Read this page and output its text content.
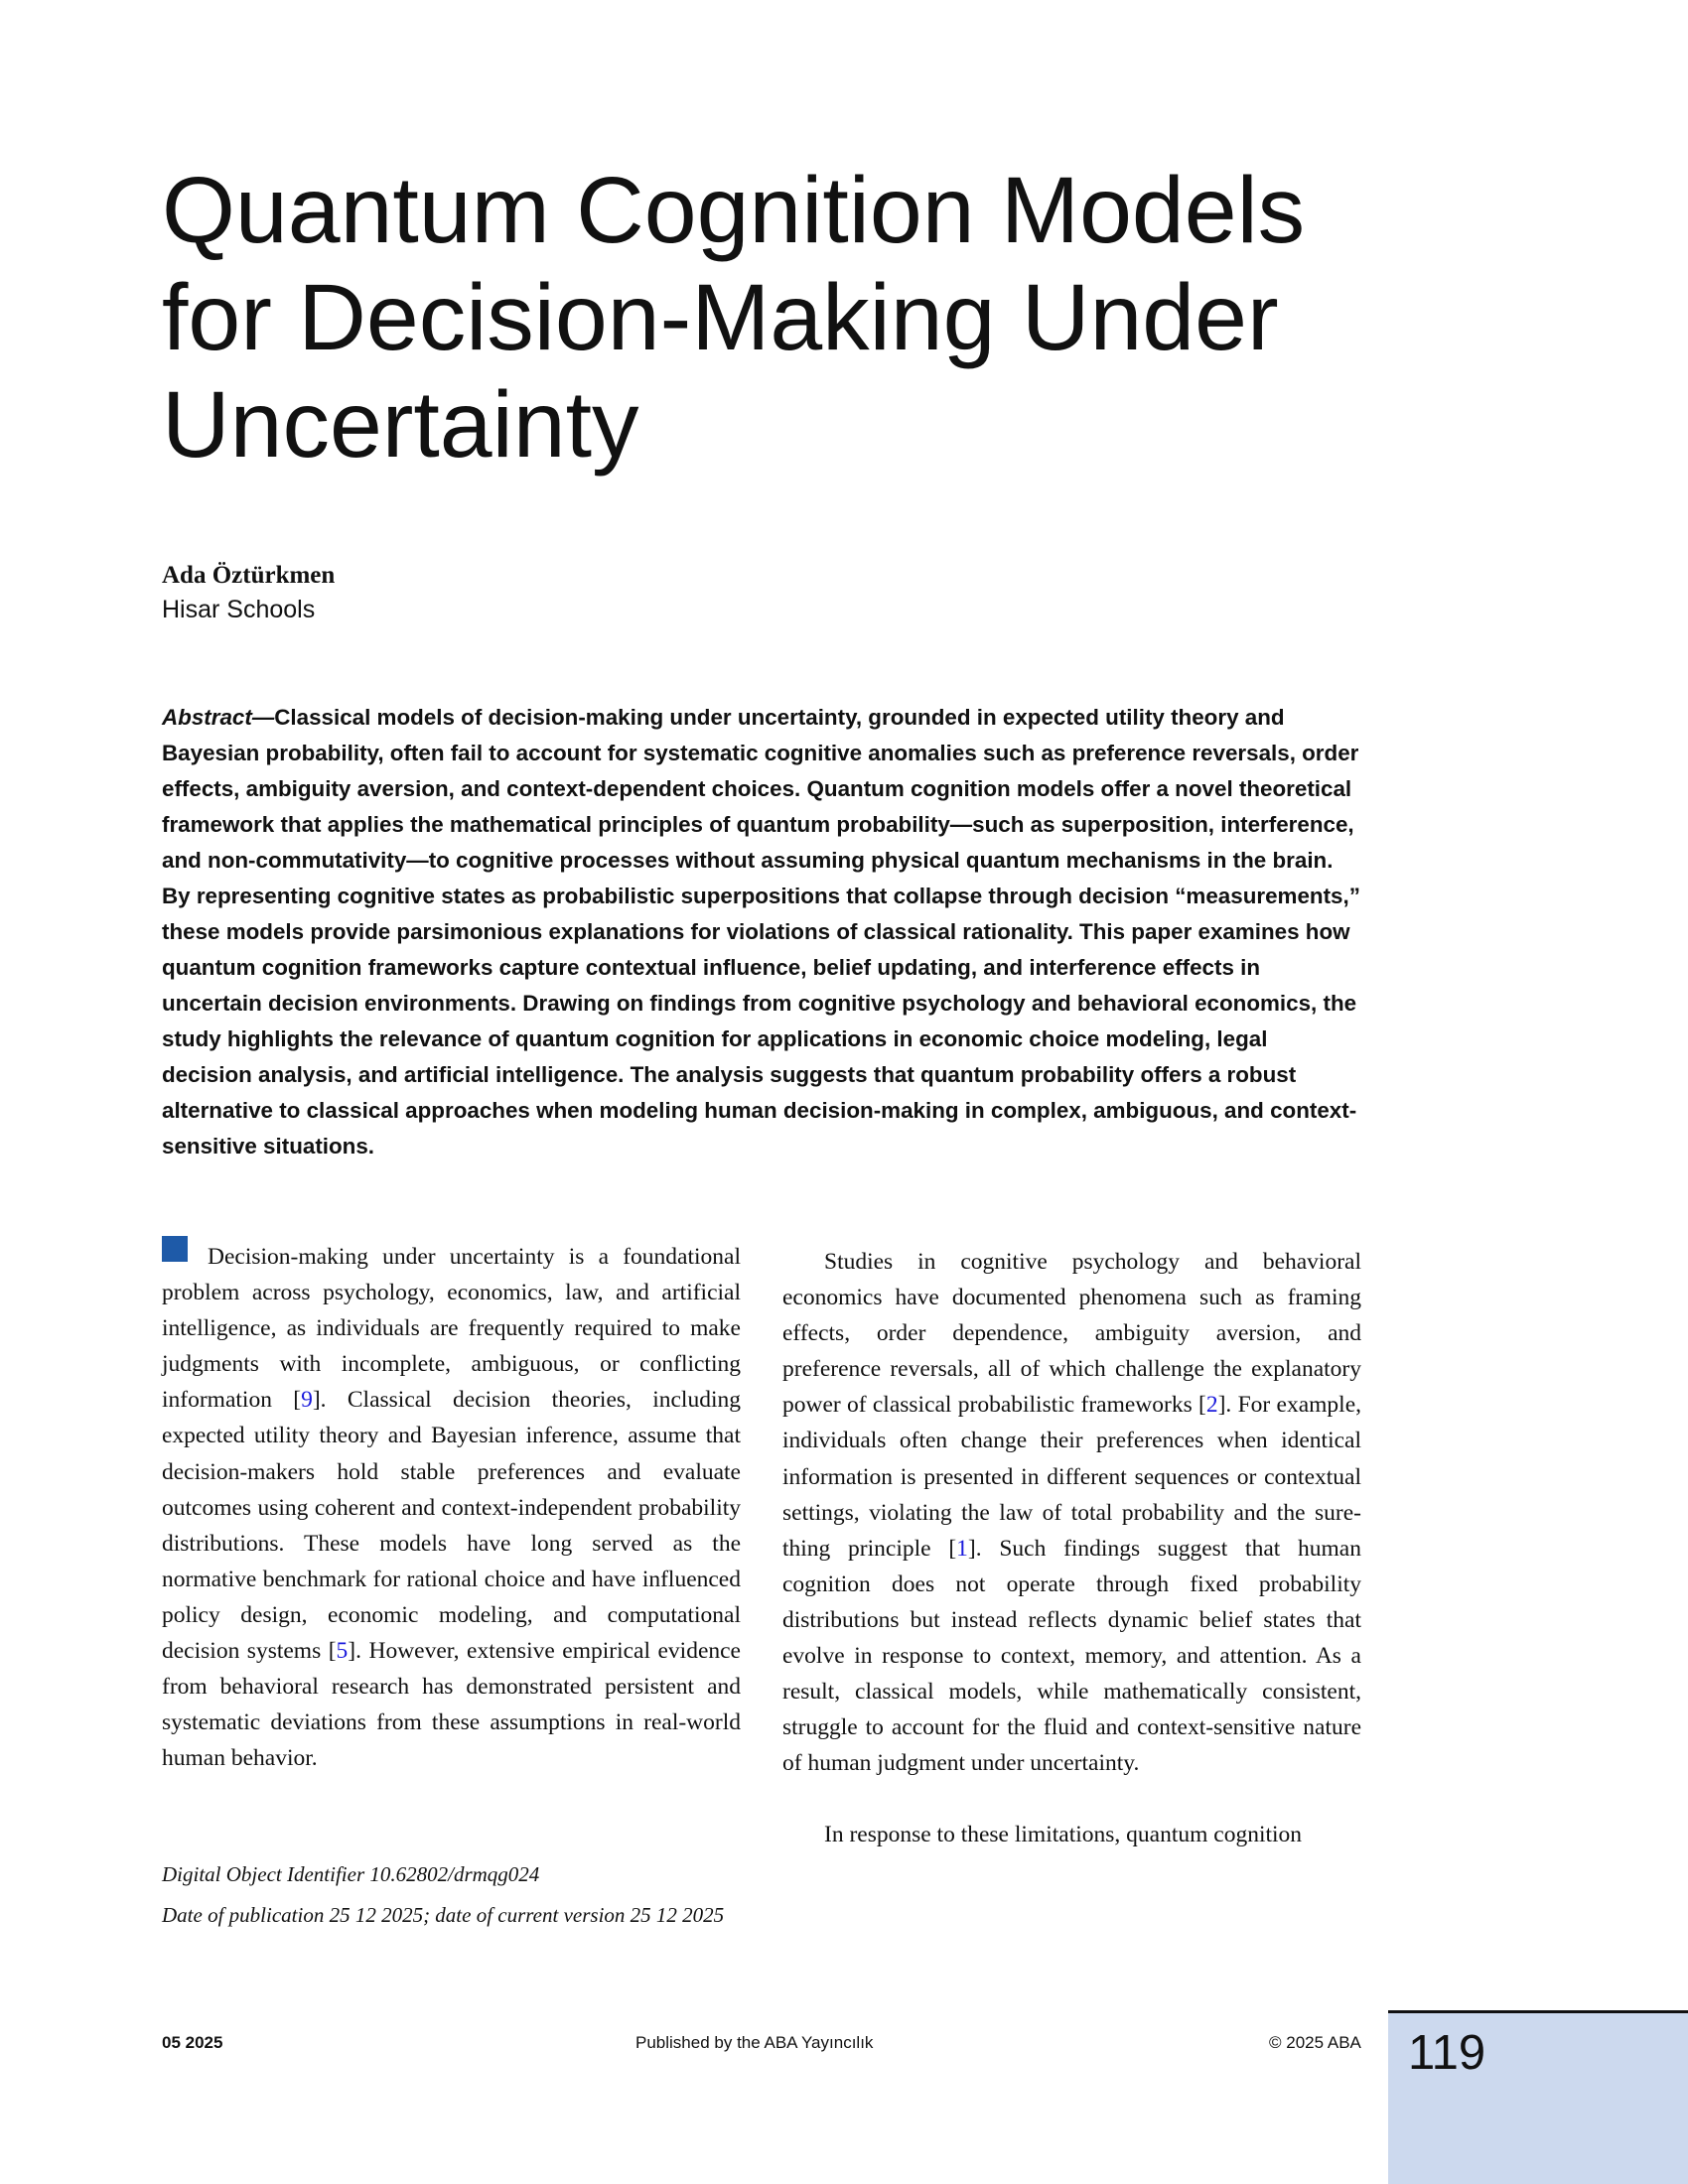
Quantum Cognition Models
for Decision-Making Under
Uncertainty
Ada Öztürkmen
Hisar Schools

Abstract—Classical models of decision-making under uncertainty, grounded in expected utility theory and Bayesian probability, often fail to account for systematic cognitive anomalies such as preference reversals, order effects, ambiguity aversion, and context-dependent choices. Quantum cognition models offer a novel theoretical framework that applies the mathematical principles of quantum probability—such as superposition, interference, and non-commutativity—to cognitive processes without assuming physical quantum mechanisms in the brain. By representing cognitive states as probabilistic superpositions that collapse through decision “measurements,” these models provide parsimonious explanations for violations of classical rationality. This paper examines how quantum cognition frameworks capture contextual influence, belief updating, and interference effects in uncertain decision environments. Drawing on findings from cognitive psychology and behavioral economics, the study highlights the relevance of quantum cognition for applications in economic choice modeling, legal decision analysis, and artificial intelligence. The analysis suggests that quantum probability offers a robust alternative to classical approaches when modeling human decision-making in complex, ambiguous, and context-sensitive situations.

Decision-making under uncertainty is a foundational problem across psychology, economics, law, and artificial intelligence, as individuals are frequently required to make judgments with incomplete, ambiguous, or conflicting information [9]. Classical decision theories, including expected utility theory and Bayesian inference, assume that decision-makers hold stable preferences and evaluate outcomes using coherent and context-independent probability distributions. These models have long served as the normative benchmark for rational choice and have influenced policy design, economic modeling, and computational decision systems [5]. However, extensive empirical evidence from behavioral research has demonstrated persistent and systematic deviations from these assumptions in real-world human behavior.

Digital Object Identifier 10.62802/drmqg024
Date of publication 25 12 2025; date of current version 25 12 2025

Studies in cognitive psychology and behavioral economics have documented phenomena such as framing effects, order dependence, ambiguity aversion, and preference reversals, all of which challenge the explanatory power of classical probabilistic frameworks [2]. For example, individuals often change their preferences when identical information is presented in different sequences or contextual settings, violating the law of total probability and the sure-thing principle [1]. Such findings suggest that human cognition does not operate through fixed probability distributions but instead reflects dynamic belief states that evolve in response to context, memory, and attention. As a result, classical models, while mathematically consistent, struggle to account for the fluid and context-sensitive nature of human judgment under uncertainty.

In response to these limitations, quantum cognition

05 2025	Published by the ABA Yayıncılık	© 2025 ABA 119
